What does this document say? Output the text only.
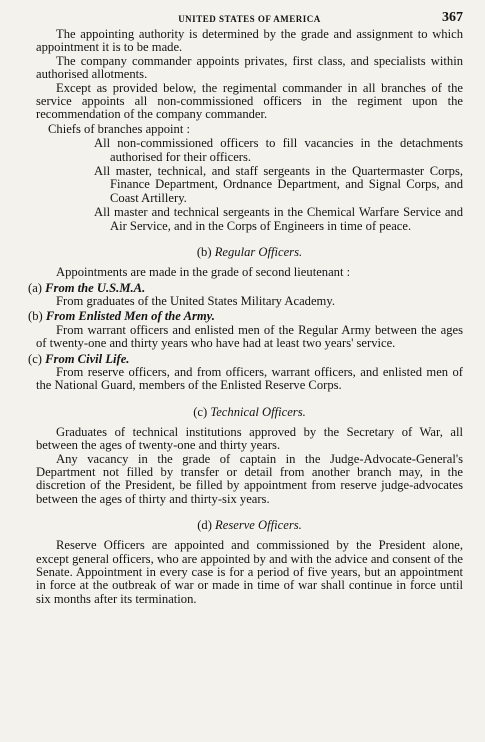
UNITED STATES OF AMERICA	367

The appointing authority is determined by the grade and assignment to which appointment it is to be made.

The company commander appoints privates, first class, and specialists within authorised allotments.

Except as provided below, the regimental commander in all branches of the service appoints all non-commissioned officers in the regiment upon the recommendation of the company commander.

Chiefs of branches appoint :

All non-commissioned officers to fill vacancies in the detachments authorised for their officers.

All master, technical, and staff sergeants in the Quartermaster Corps, Finance Department, Ordnance Department, and Signal Corps, and Coast Artillery.

All master and technical sergeants in the Chemical Warfare Service and Air Service, and in the Corps of Engineers in time of peace.

(b) Regular Officers.

Appointments are made in the grade of second lieutenant :

(a) From the U.S.M.A.

From graduates of the United States Military Academy.

(b) From Enlisted Men of the Army.

From warrant officers and enlisted men of the Regular Army between the ages of twenty-one and thirty years who have had at least two years' service.

(c) From Civil Life.

From reserve officers, and from officers, warrant officers, and enlisted men of the National Guard, members of the Enlisted Reserve Corps.

(c) Technical Officers.

Graduates of technical institutions approved by the Secretary of War, all between the ages of twenty-one and thirty years.

Any vacancy in the grade of captain in the Judge-Advocate-General's Department not filled by transfer or detail from another branch may, in the discretion of the President, be filled by appointment from reserve judge-advocates between the ages of thirty and thirty-six years.

(d) Reserve Officers.

Reserve Officers are appointed and commissioned by the President alone, except general officers, who are appointed by and with the advice and consent of the Senate. Appointment in every case is for a period of five years, but an appointment in force at the outbreak of war or made in time of war shall continue in force until six months after its termination.
